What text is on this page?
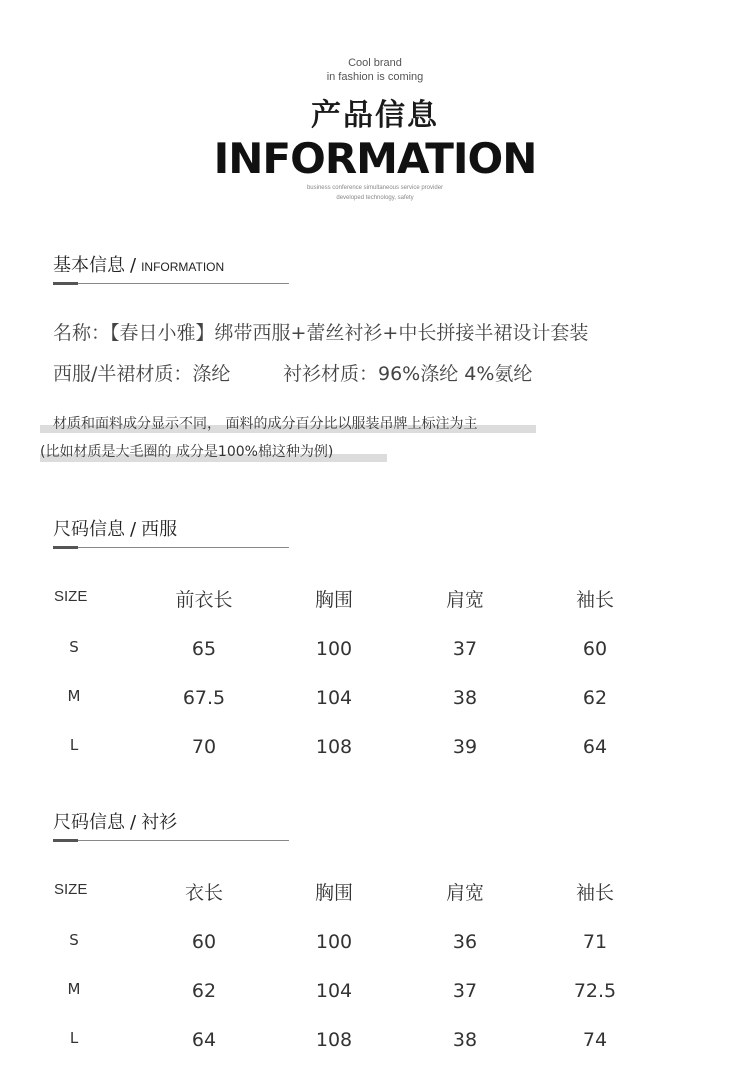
Cool brand
in fashion is coming
产品信息
INFORMATION
business conference simultaneous service provider
developed technology, safety
基本信息 / INFORMATION
名称：【春日小雅】绑带西服+蕾丝衬衫+中长拼接半裙设计套装
西服/半裙材质：涤纶	衬衫材质：96%涤纶 4%氨纶
材质和面料成分显示不同， 面料的成分百分比以服装吊牌上标注为主
(比如材质是大毛圈的 成分是100%棉这种为例)
尺码信息 / 西服
SIZE	前衣长	胸围	肩宽	袖长
S	65	100	37	60
M	67.5	104	38	62
L	70	108	39	64
尺码信息 / 衬衫
SIZE	衣长	胸围	肩宽	袖长
S	60	100	36	71
M	62	104	37	72.5
L	64	108	38	74
